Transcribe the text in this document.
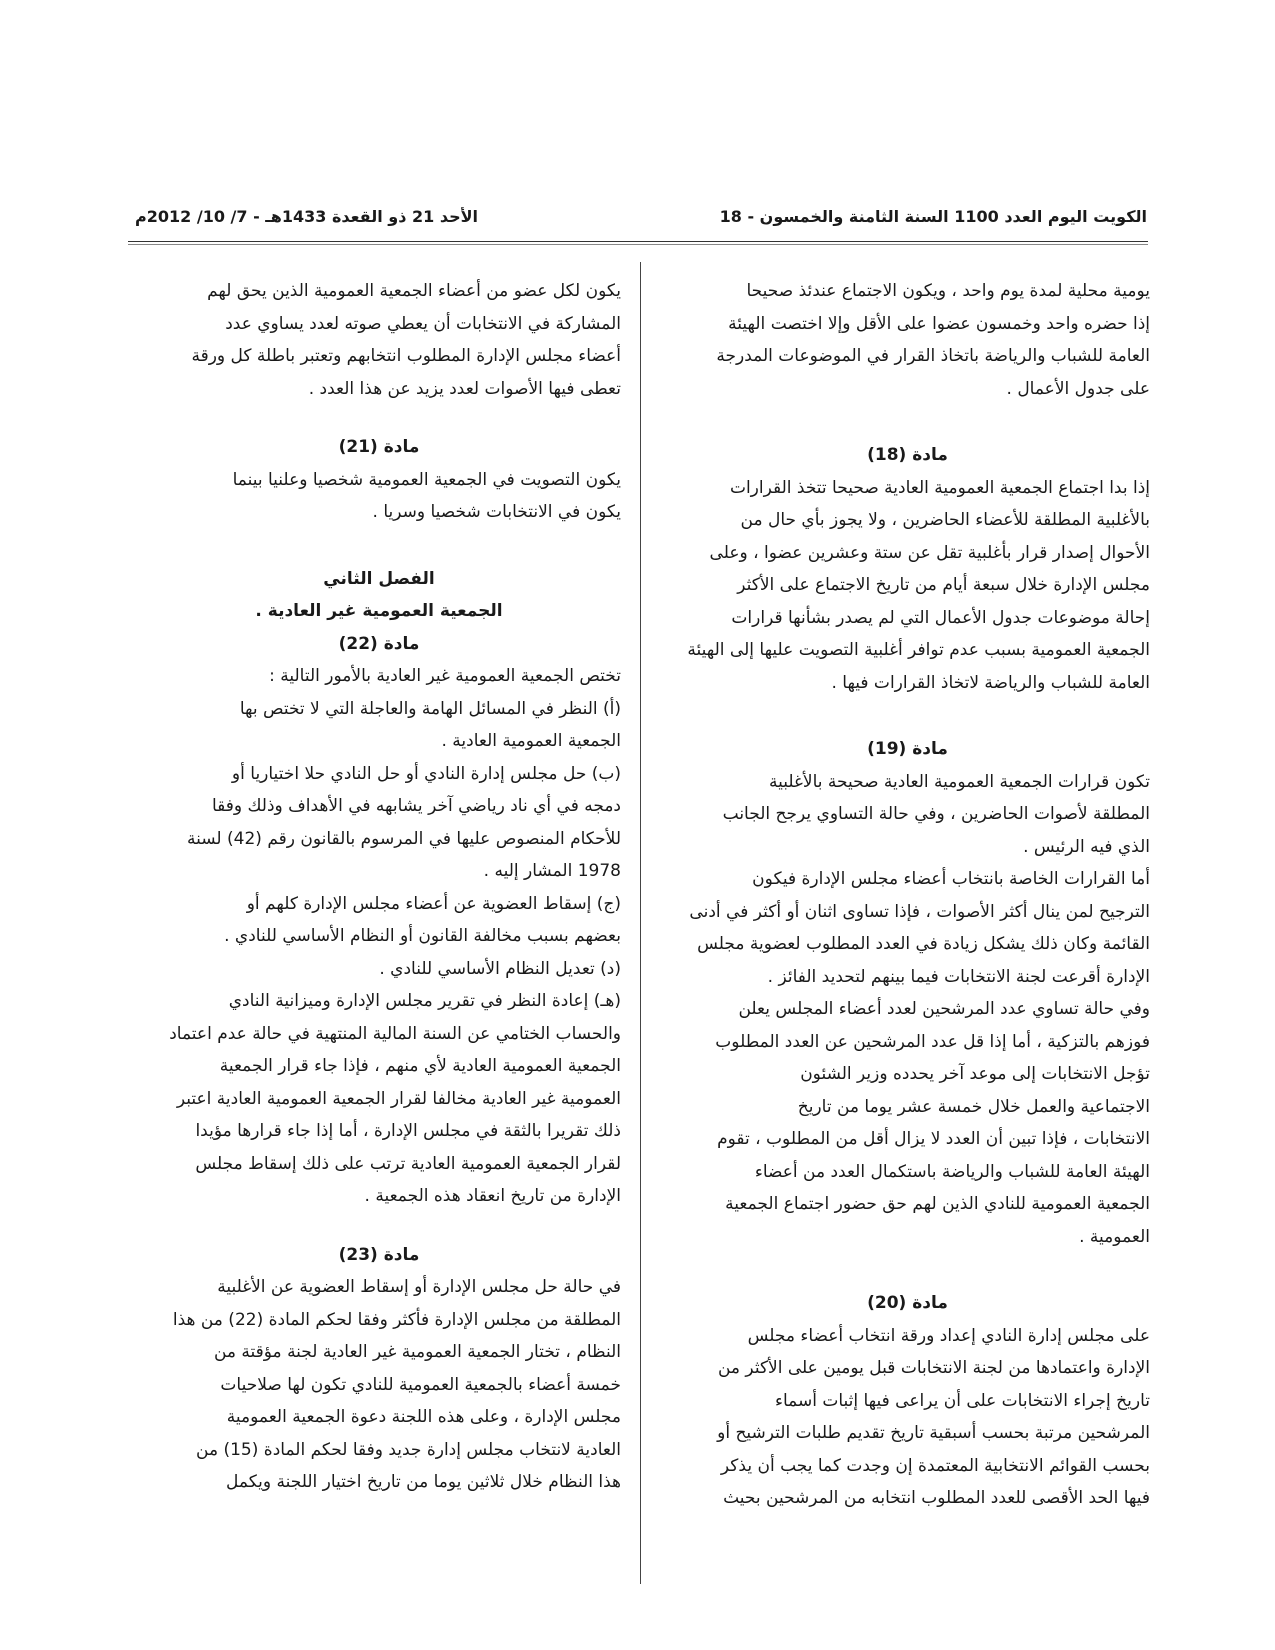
الكويت اليوم العدد 1100 السنة الثامنة والخمسون - 18
الأحد 21 ذو القعدة 1433هـ - 7/ 10/ 2012م
يومية محلية لمدة يوم واحد ، ويكون الاجتماع عندئذ صحيحا
إذا حضره واحد وخمسون عضوا على الأقل وإلا اختصت الهيئة
العامة للشباب والرياضة باتخاذ القرار في الموضوعات المدرجة
على جدول الأعمال .
مادة (18)
إذا بدا اجتماع الجمعية العمومية العادية صحيحا تتخذ القرارات
بالأغلبية المطلقة للأعضاء الحاضرين ، ولا يجوز بأي حال من
الأحوال إصدار قرار بأغلبية تقل عن ستة وعشرين عضوا ، وعلى
مجلس الإدارة خلال سبعة أيام من تاريخ الاجتماع على الأكثر
إحالة موضوعات جدول الأعمال التي لم يصدر بشأنها قرارات
الجمعية العمومية بسبب عدم توافر أغلبية التصويت عليها إلى الهيئة
العامة للشباب والرياضة لاتخاذ القرارات فيها .
مادة (19)
تكون قرارات الجمعية العمومية العادية صحيحة بالأغلبية
المطلقة لأصوات الحاضرين ، وفي حالة التساوي يرجح الجانب
الذي فيه الرئيس .
أما القرارات الخاصة بانتخاب أعضاء مجلس الإدارة فيكون
الترجيح لمن ينال أكثر الأصوات ، فإذا تساوى اثنان أو أكثر في أدنى
القائمة وكان ذلك يشكل زيادة في العدد المطلوب لعضوية مجلس
الإدارة أقرعت لجنة الانتخابات فيما بينهم لتحديد الفائز .
وفي حالة تساوي عدد المرشحين لعدد أعضاء المجلس يعلن
فوزهم بالتزكية ، أما إذا قل عدد المرشحين عن العدد المطلوب
تؤجل الانتخابات إلى موعد آخر يحدده وزير الشئون
الاجتماعية والعمل خلال خمسة عشر يوما من تاريخ
الانتخابات ، فإذا تبين أن العدد لا يزال أقل من المطلوب ، تقوم
الهيئة العامة للشباب والرياضة باستكمال العدد من أعضاء
الجمعية العمومية للنادي الذين لهم حق حضور اجتماع الجمعية
العمومية .
مادة (20)
على مجلس إدارة النادي إعداد ورقة انتخاب أعضاء مجلس
الإدارة واعتمادها من لجنة الانتخابات قبل يومين على الأكثر من
تاريخ إجراء الانتخابات على أن يراعى فيها إثبات أسماء
المرشحين مرتبة بحسب أسبقية تاريخ تقديم طلبات الترشيح أو
بحسب القوائم الانتخابية المعتمدة إن وجدت كما يجب أن يذكر
فيها الحد الأقصى للعدد المطلوب انتخابه من المرشحين بحيث
يكون لكل عضو من أعضاء الجمعية العمومية الذين يحق لهم
المشاركة في الانتخابات أن يعطي صوته لعدد يساوي عدد
أعضاء مجلس الإدارة المطلوب انتخابهم وتعتبر باطلة كل ورقة
تعطى فيها الأصوات لعدد يزيد عن هذا العدد .
مادة (21)
يكون التصويت في الجمعية العمومية شخصيا وعلنيا بينما
يكون في الانتخابات شخصيا وسريا .
الفصل الثاني
الجمعية العمومية غير العادية .
مادة (22)
تختص الجمعية العمومية غير العادية بالأمور التالية :
(أ) النظر في المسائل الهامة والعاجلة التي لا تختص بها
الجمعية العمومية العادية .
(ب) حل مجلس إدارة النادي أو حل النادي حلا اختياريا أو
دمجه في أي ناد رياضي آخر يشابهه في الأهداف وذلك وفقا
للأحكام المنصوص عليها في المرسوم بالقانون رقم (42) لسنة
1978 المشار إليه .
(ج) إسقاط العضوية عن أعضاء مجلس الإدارة كلهم أو
بعضهم بسبب مخالفة القانون أو النظام الأساسي للنادي .
(د) تعديل النظام الأساسي للنادي .
(هـ) إعادة النظر في تقرير مجلس الإدارة وميزانية النادي
والحساب الختامي عن السنة المالية المنتهية في حالة عدم اعتماد
الجمعية العمومية العادية لأي منهم ، فإذا جاء قرار الجمعية
العمومية غير العادية مخالفا لقرار الجمعية العمومية العادية اعتبر
ذلك تقريرا بالثقة في مجلس الإدارة ، أما إذا جاء قرارها مؤيدا
لقرار الجمعية العمومية العادية ترتب على ذلك إسقاط مجلس
الإدارة من تاريخ انعقاد هذه الجمعية .
مادة (23)
في حالة حل مجلس الإدارة أو إسقاط العضوية عن الأغلبية
المطلقة من مجلس الإدارة فأكثر وفقا لحكم المادة (22) من هذا
النظام ، تختار الجمعية العمومية غير العادية لجنة مؤقتة من
خمسة أعضاء بالجمعية العمومية للنادي تكون لها صلاحيات
مجلس الإدارة ، وعلى هذه اللجنة دعوة الجمعية العمومية
العادية لانتخاب مجلس إدارة جديد وفقا لحكم المادة (15) من
هذا النظام خلال ثلاثين يوما من تاريخ اختيار اللجنة ويكمل
